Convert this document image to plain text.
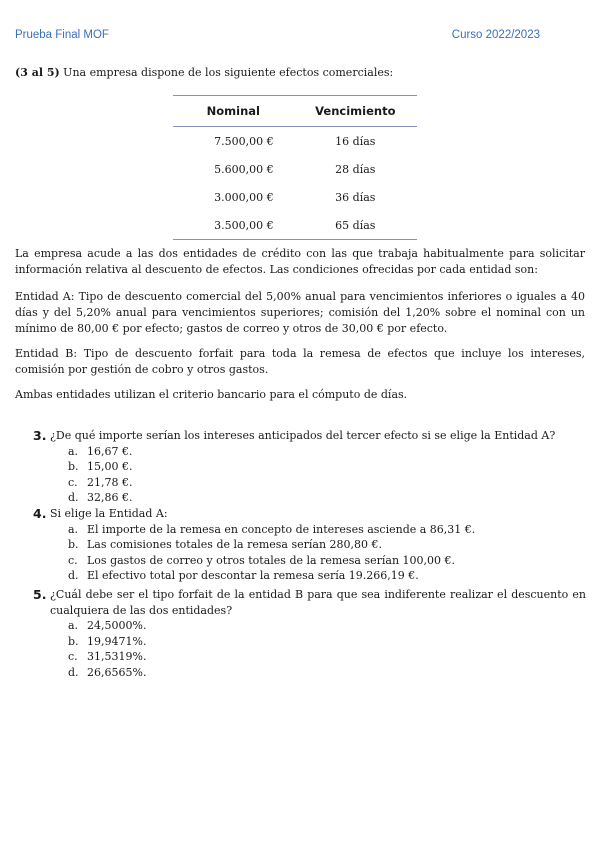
Prueba Final MOF	Curso 2022/2023
(3 al 5) Una empresa dispone de los siguiente efectos comerciales:
Nominal	Vencimiento
7.500,00 €	16 días
5.600,00 €	28 días
3.000,00 €	36 días
3.500,00 €	65 días
La empresa acude a las dos entidades de crédito con las que trabaja habitualmente para solicitar información relativa al descuento de efectos. Las condiciones ofrecidas por cada entidad son:
Entidad A: Tipo de descuento comercial del 5,00% anual para vencimientos inferiores o iguales a 40 días y del 5,20% anual para vencimientos superiores; comisión del 1,20% sobre el nominal con un mínimo de 80,00 € por efecto; gastos de correo y otros de 30,00 € por efecto.
Entidad B: Tipo de descuento forfait para toda la remesa de efectos que incluye los intereses, comisión por gestión de cobro y otros gastos.
Ambas entidades utilizan el criterio bancario para el cómputo de días.
3. ¿De qué importe serían los intereses anticipados del tercer efecto si se elige la Entidad A?
a. 16,67 €.
b. 15,00 €.
c. 21,78 €.
d. 32,86 €.
4. Si elige la Entidad A:
a. El importe de la remesa en concepto de intereses asciende a 86,31 €.
b. Las comisiones totales de la remesa serían 280,80 €.
c. Los gastos de correo y otros totales de la remesa serían 100,00 €.
d. El efectivo total por descontar la remesa sería 19.266,19 €.
5. ¿Cuál debe ser el tipo forfait de la entidad B para que sea indiferente realizar el descuento en cualquiera de las dos entidades?
a. 24,5000%.
b. 19,9471%.
c. 31,5319%.
d. 26,6565%.
